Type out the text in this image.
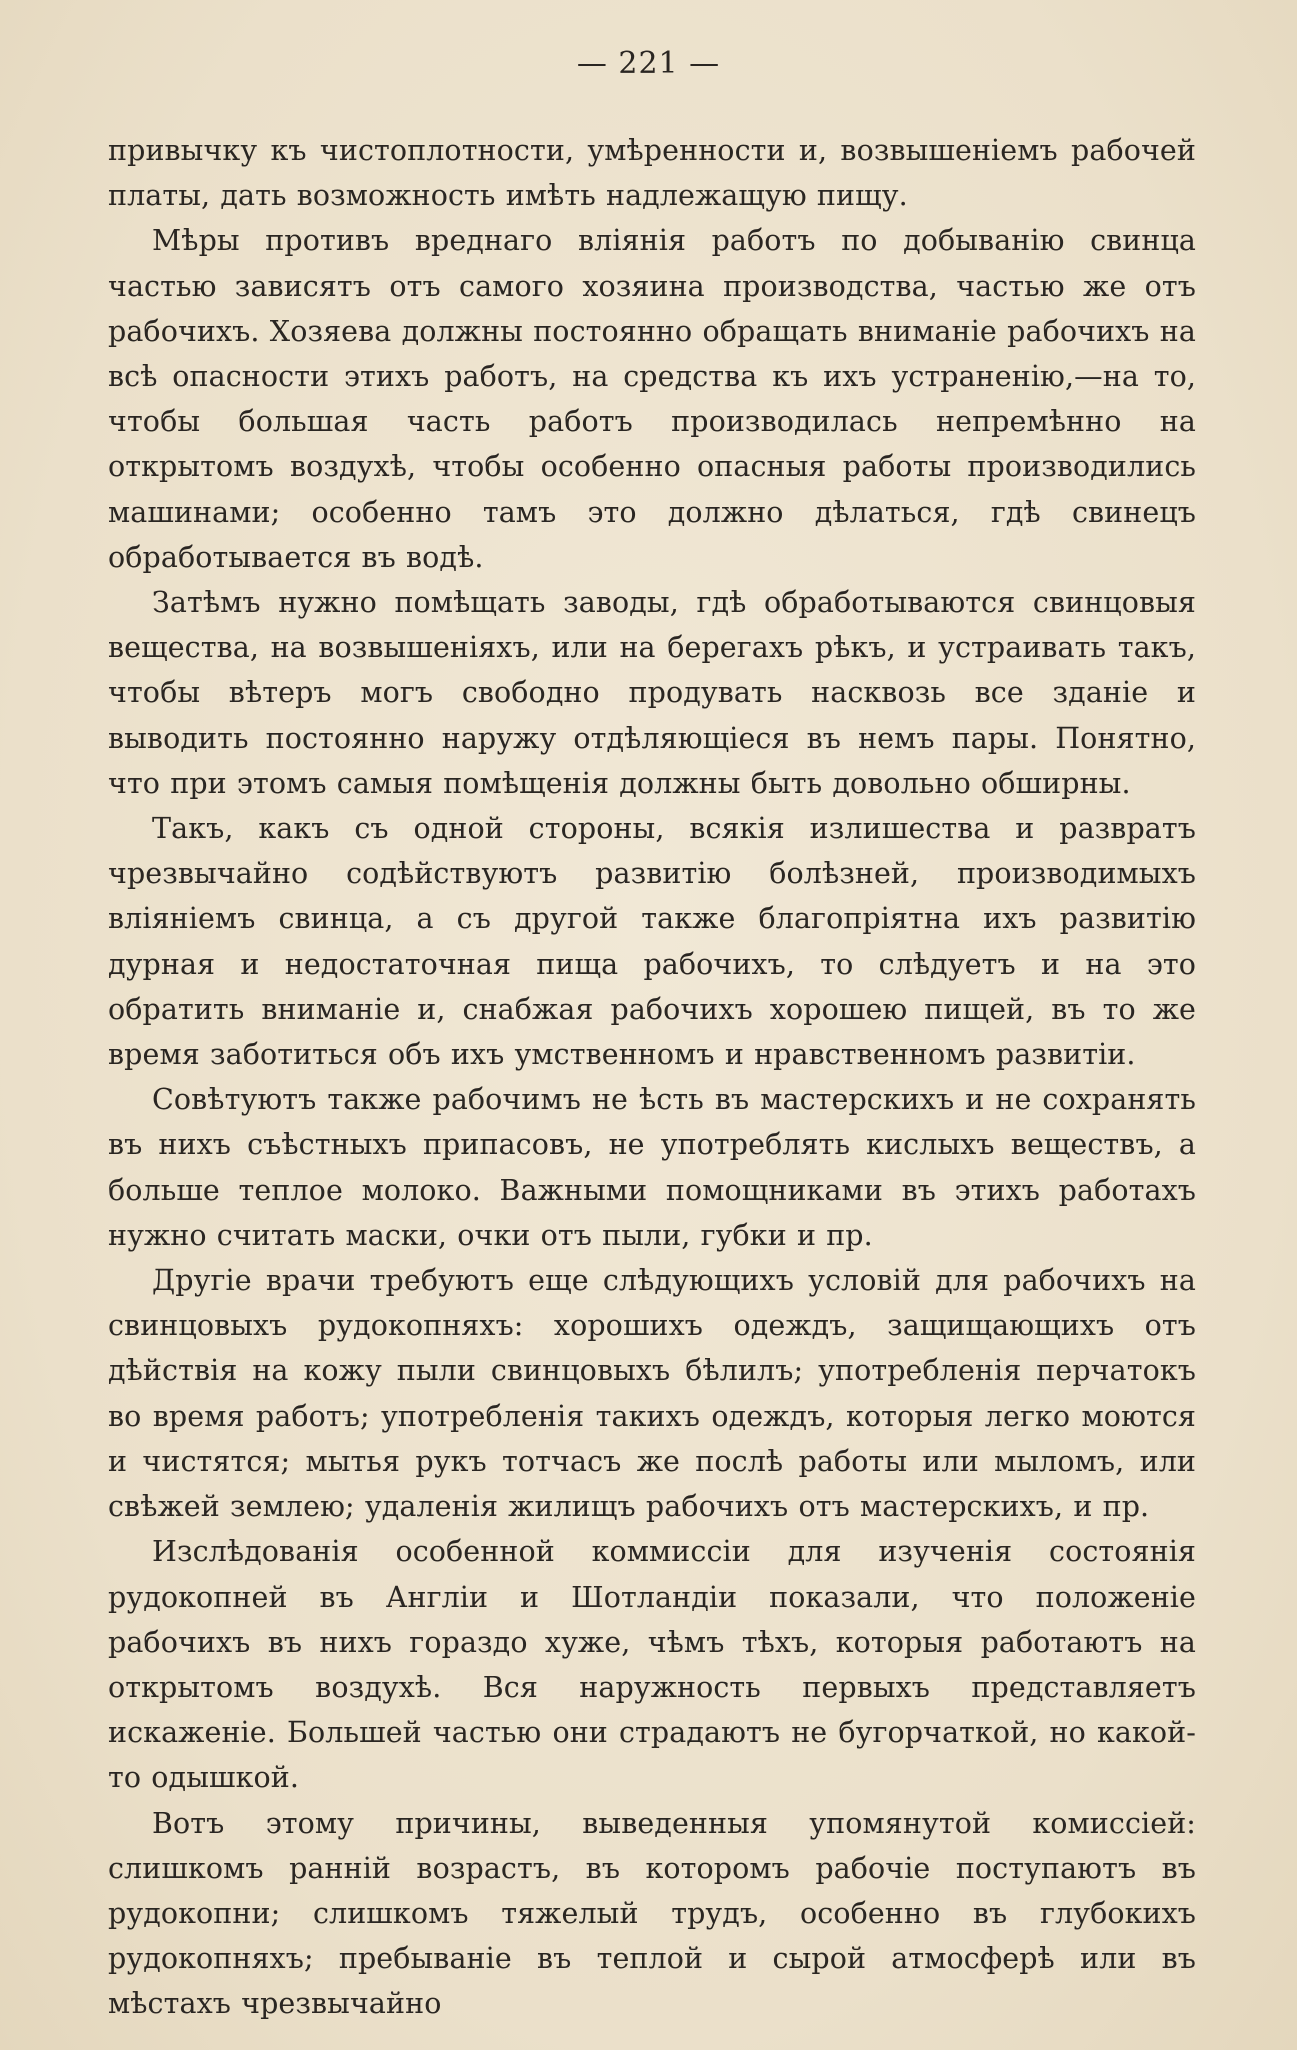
— 221 —

привычку къ чистоплотности, умѣренности и, возвышеніемъ рабочей платы, дать возможность имѣть надлежащую пищу.

Мѣры противъ вреднаго вліянія работъ по добыванію свинца частью зависятъ отъ самого хозяина производства, частью же отъ рабочихъ. Хозяева должны постоянно обращать вниманіе рабочихъ на всѣ опасности этихъ работъ, на средства къ ихъ устраненію,—на то, чтобы большая часть работъ производилась непремѣнно на открытомъ воздухѣ, чтобы особенно опасныя работы производились машинами; особенно тамъ это должно дѣлаться, гдѣ свинецъ обработывается въ водѣ.

Затѣмъ нужно помѣщать заводы, гдѣ обработываются свинцовыя вещества, на возвышеніяхъ, или на берегахъ рѣкъ, и устраивать такъ, чтобы вѣтеръ могъ свободно продувать насквозь все зданіе и выводить постоянно наружу отдѣляющіеся въ немъ пары. Понятно, что при этомъ самыя помѣщенія должны быть довольно обширны.

Такъ, какъ съ одной стороны, всякія излишества и развратъ чрезвычайно содѣйствуютъ развитію болѣзней, производимыхъ вліяніемъ свинца, а съ другой также благопріятна ихъ развитію дурная и недостаточная пища рабочихъ, то слѣдуетъ и на это обратить вниманіе и, снабжая рабочихъ хорошею пищей, въ то же время заботиться объ ихъ умственномъ и нравственномъ развитіи.

Совѣтуютъ также рабочимъ не ѣсть въ мастерскихъ и не сохранять въ нихъ съѣстныхъ припасовъ, не употреблять кислыхъ веществъ, а больше теплое молоко. Важными помощниками въ этихъ работахъ нужно считать маски, очки отъ пыли, губки и пр.

Другіе врачи требуютъ еще слѣдующихъ условій для рабочихъ на свинцовыхъ рудокопняхъ: хорошихъ одеждъ, защищающихъ отъ дѣйствія на кожу пыли свинцовыхъ бѣлилъ; употребленія перчатокъ во время работъ; употребленія такихъ одеждъ, которыя легко моются и чистятся; мытья рукъ тотчасъ же послѣ работы или мыломъ, или свѣжей землею; удаленія жилищъ рабочихъ отъ мастерскихъ, и пр.

Изслѣдованія особенной коммиссіи для изученія состоянія рудокопней въ Англіи и Шотландіи показали, что положеніе рабочихъ въ нихъ гораздо хуже, чѣмъ тѣхъ, которыя работаютъ на открытомъ воздухѣ. Вся наружность первыхъ представляетъ искаженіе. Большей частью они страдаютъ не бугорчаткой, но какой-то одышкой.

Вотъ этому причины, выведенныя упомянутой комиссіей: слишкомъ ранній возрастъ, въ которомъ рабочіе поступаютъ въ рудокопни; слишкомъ тяжелый трудъ, особенно въ глубокихъ рудокопняхъ; пребываніе въ теплой и сырой атмосферѣ или въ мѣстахъ чрезвычайно
